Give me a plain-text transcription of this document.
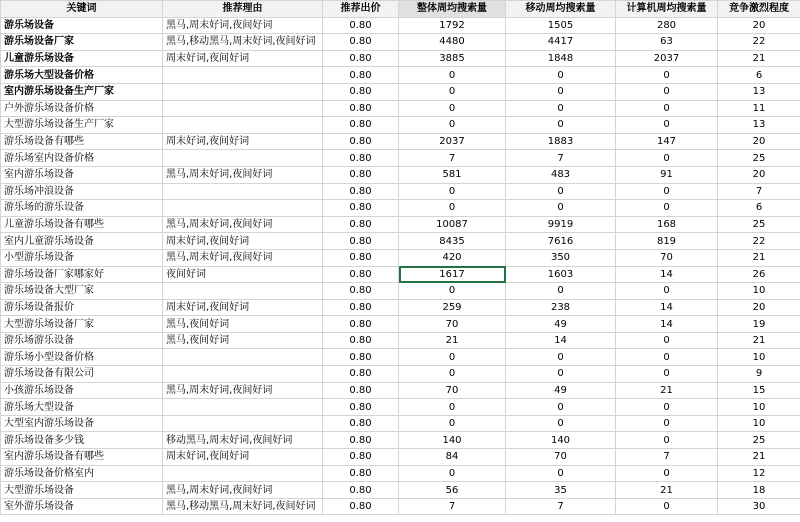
关键词	推荐理由	推荐出价	整体周均搜索量	移动周均搜索量	计算机周均搜索量	竞争激烈程度
游乐场设备	黑马,周末好词,夜间好词	0.80	1792	1505	280	20
游乐场设备厂家	黑马,移动黑马,周末好词,夜间好词	0.80	4480	4417	63	22
儿童游乐场设备	周末好词,夜间好词	0.80	3885	1848	2037	21
游乐场大型设备价格		0.80	0	0	0	6
室内游乐场设备生产厂家		0.80	0	0	0	13
户外游乐场设备价格		0.80	0	0	0	11
大型游乐场设备生产厂家		0.80	0	0	0	13
游乐场设备有哪些	周末好词,夜间好词	0.80	2037	1883	147	20
游乐场室内设备价格		0.80	7	7	0	25
室内游乐场设备	黑马,周末好词,夜间好词	0.80	581	483	91	20
游乐场冲浪设备		0.80	0	0	0	7
游乐场的游乐设备		0.80	0	0	0	6
儿童游乐场设备有哪些	黑马,周末好词,夜间好词	0.80	10087	9919	168	25
室内儿童游乐场设备	周末好词,夜间好词	0.80	8435	7616	819	22
小型游乐场设备	黑马,周末好词,夜间好词	0.80	420	350	70	21
游乐场设备厂家哪家好	夜间好词	0.80	1617	1603	14	26
游乐场设备大型厂家		0.80	0	0	0	10
游乐场设备报价	周末好词,夜间好词	0.80	259	238	14	20
大型游乐场设备厂家	黑马,夜间好词	0.80	70	49	14	19
游乐场游乐设备	黑马,夜间好词	0.80	21	14	0	21
游乐场小型设备价格		0.80	0	0	0	10
游乐场设备有限公司		0.80	0	0	0	9
小孩游乐场设备	黑马,周末好词,夜间好词	0.80	70	49	21	15
游乐场大型设备		0.80	0	0	0	10
大型室内游乐场设备		0.80	0	0	0	10
游乐场设备多少钱	移动黑马,周末好词,夜间好词	0.80	140	140	0	25
室内游乐场设备有哪些	周末好词,夜间好词	0.80	84	70	7	21
游乐场设备价格室内		0.80	0	0	0	12
大型游乐场设备	黑马,周末好词,夜间好词	0.80	56	35	21	18
室外游乐场设备	黑马,移动黑马,周末好词,夜间好词	0.80	7	7	0	30
